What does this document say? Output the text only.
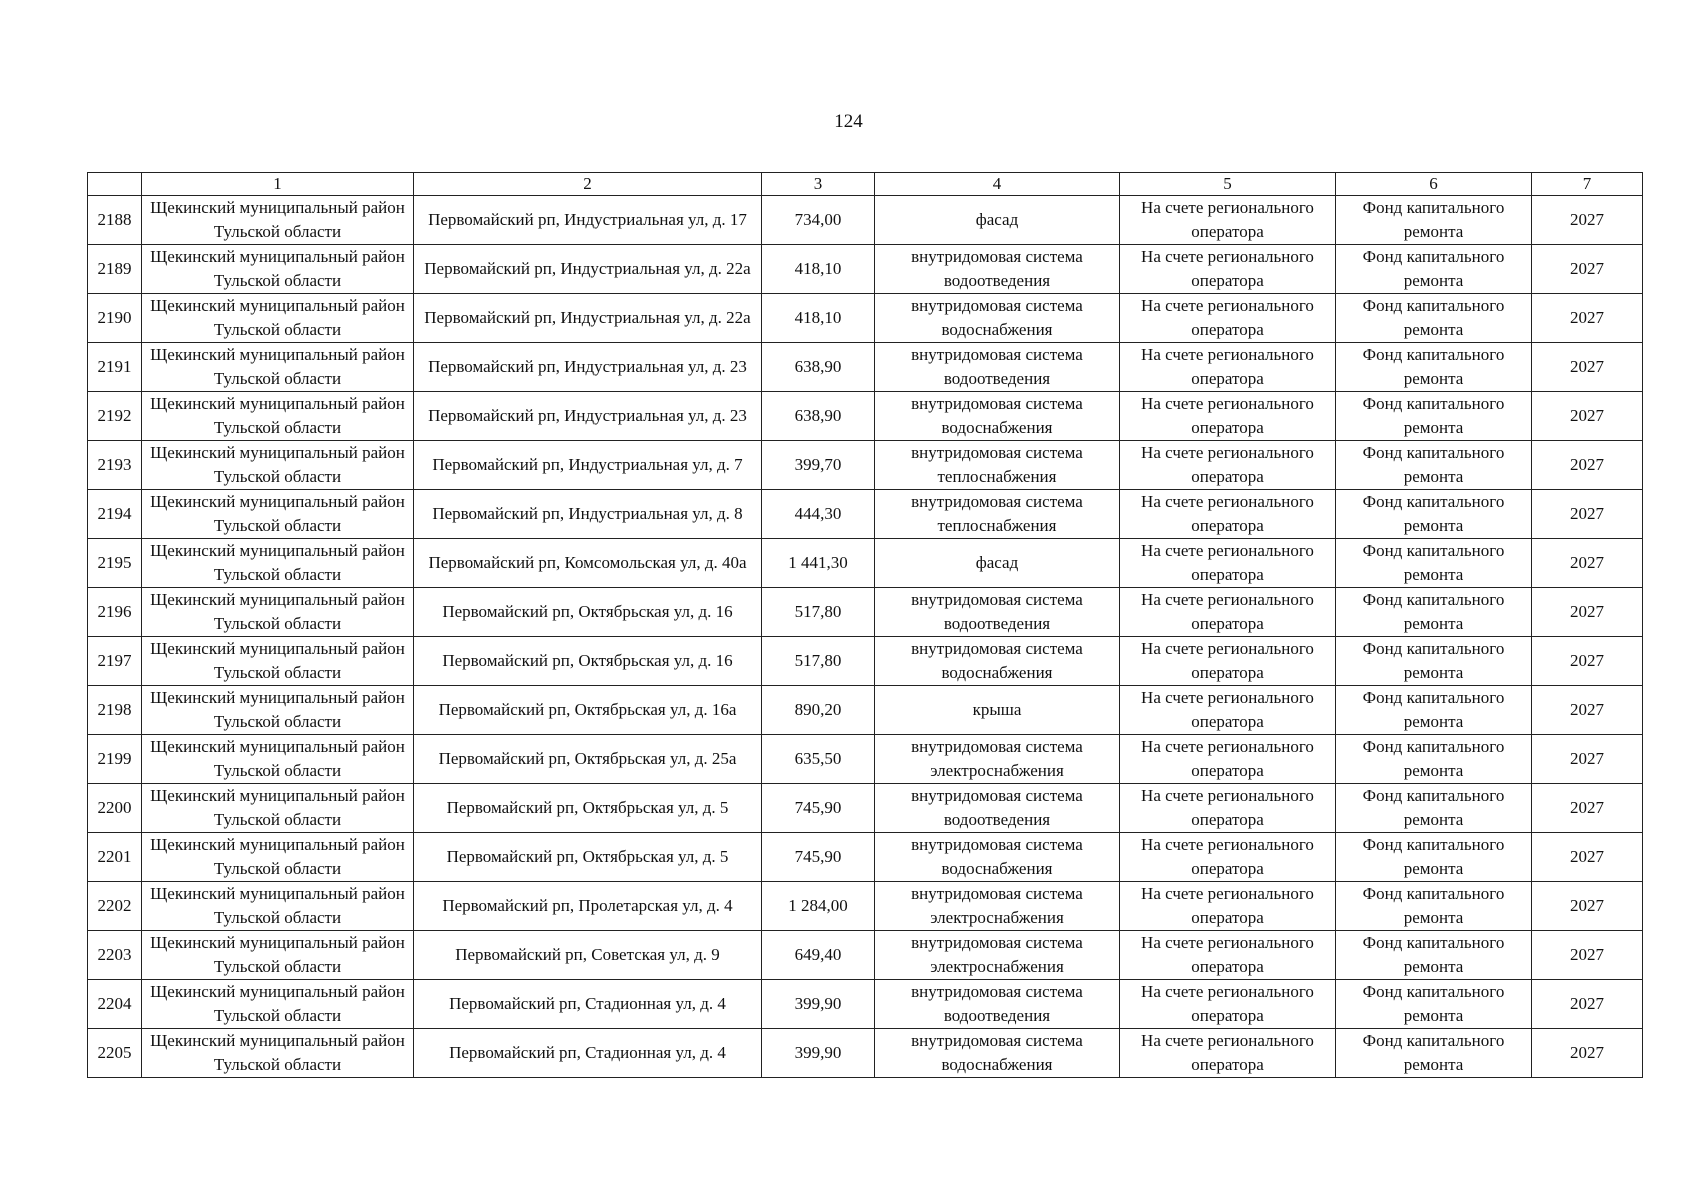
124
	1	2	3	4	5	6	7
2188	Щекинский муниципальный район Тульской области	Первомайский рп, Индустриальная ул, д. 17	734,00	фасад	На счете регионального оператора	Фонд капитального ремонта	2027
2189	Щекинский муниципальный район Тульской области	Первомайский рп, Индустриальная ул, д. 22а	418,10	внутридомовая система водоотведения	На счете регионального оператора	Фонд капитального ремонта	2027
2190	Щекинский муниципальный район Тульской области	Первомайский рп, Индустриальная ул, д. 22а	418,10	внутридомовая система водоснабжения	На счете регионального оператора	Фонд капитального ремонта	2027
2191	Щекинский муниципальный район Тульской области	Первомайский рп, Индустриальная ул, д. 23	638,90	внутридомовая система водоотведения	На счете регионального оператора	Фонд капитального ремонта	2027
2192	Щекинский муниципальный район Тульской области	Первомайский рп, Индустриальная ул, д. 23	638,90	внутридомовая система водоснабжения	На счете регионального оператора	Фонд капитального ремонта	2027
2193	Щекинский муниципальный район Тульской области	Первомайский рп, Индустриальная ул, д. 7	399,70	внутридомовая система теплоснабжения	На счете регионального оператора	Фонд капитального ремонта	2027
2194	Щекинский муниципальный район Тульской области	Первомайский рп, Индустриальная ул, д. 8	444,30	внутридомовая система теплоснабжения	На счете регионального оператора	Фонд капитального ремонта	2027
2195	Щекинский муниципальный район Тульской области	Первомайский рп, Комсомольская ул, д. 40а	1 441,30	фасад	На счете регионального оператора	Фонд капитального ремонта	2027
2196	Щекинский муниципальный район Тульской области	Первомайский рп, Октябрьская ул, д. 16	517,80	внутридомовая система водоотведения	На счете регионального оператора	Фонд капитального ремонта	2027
2197	Щекинский муниципальный район Тульской области	Первомайский рп, Октябрьская ул, д. 16	517,80	внутридомовая система водоснабжения	На счете регионального оператора	Фонд капитального ремонта	2027
2198	Щекинский муниципальный район Тульской области	Первомайский рп, Октябрьская ул, д. 16а	890,20	крыша	На счете регионального оператора	Фонд капитального ремонта	2027
2199	Щекинский муниципальный район Тульской области	Первомайский рп, Октябрьская ул, д. 25а	635,50	внутридомовая система электроснабжения	На счете регионального оператора	Фонд капитального ремонта	2027
2200	Щекинский муниципальный район Тульской области	Первомайский рп, Октябрьская ул, д. 5	745,90	внутридомовая система водоотведения	На счете регионального оператора	Фонд капитального ремонта	2027
2201	Щекинский муниципальный район Тульской области	Первомайский рп, Октябрьская ул, д. 5	745,90	внутридомовая система водоснабжения	На счете регионального оператора	Фонд капитального ремонта	2027
2202	Щекинский муниципальный район Тульской области	Первомайский рп, Пролетарская ул, д. 4	1 284,00	внутридомовая система электроснабжения	На счете регионального оператора	Фонд капитального ремонта	2027
2203	Щекинский муниципальный район Тульской области	Первомайский рп, Советская ул, д. 9	649,40	внутридомовая система электроснабжения	На счете регионального оператора	Фонд капитального ремонта	2027
2204	Щекинский муниципальный район Тульской области	Первомайский рп, Стадионная ул, д. 4	399,90	внутридомовая система водоотведения	На счете регионального оператора	Фонд капитального ремонта	2027
2205	Щекинский муниципальный район Тульской области	Первомайский рп, Стадионная ул, д. 4	399,90	внутридомовая система водоснабжения	На счете регионального оператора	Фонд капитального ремонта	2027
